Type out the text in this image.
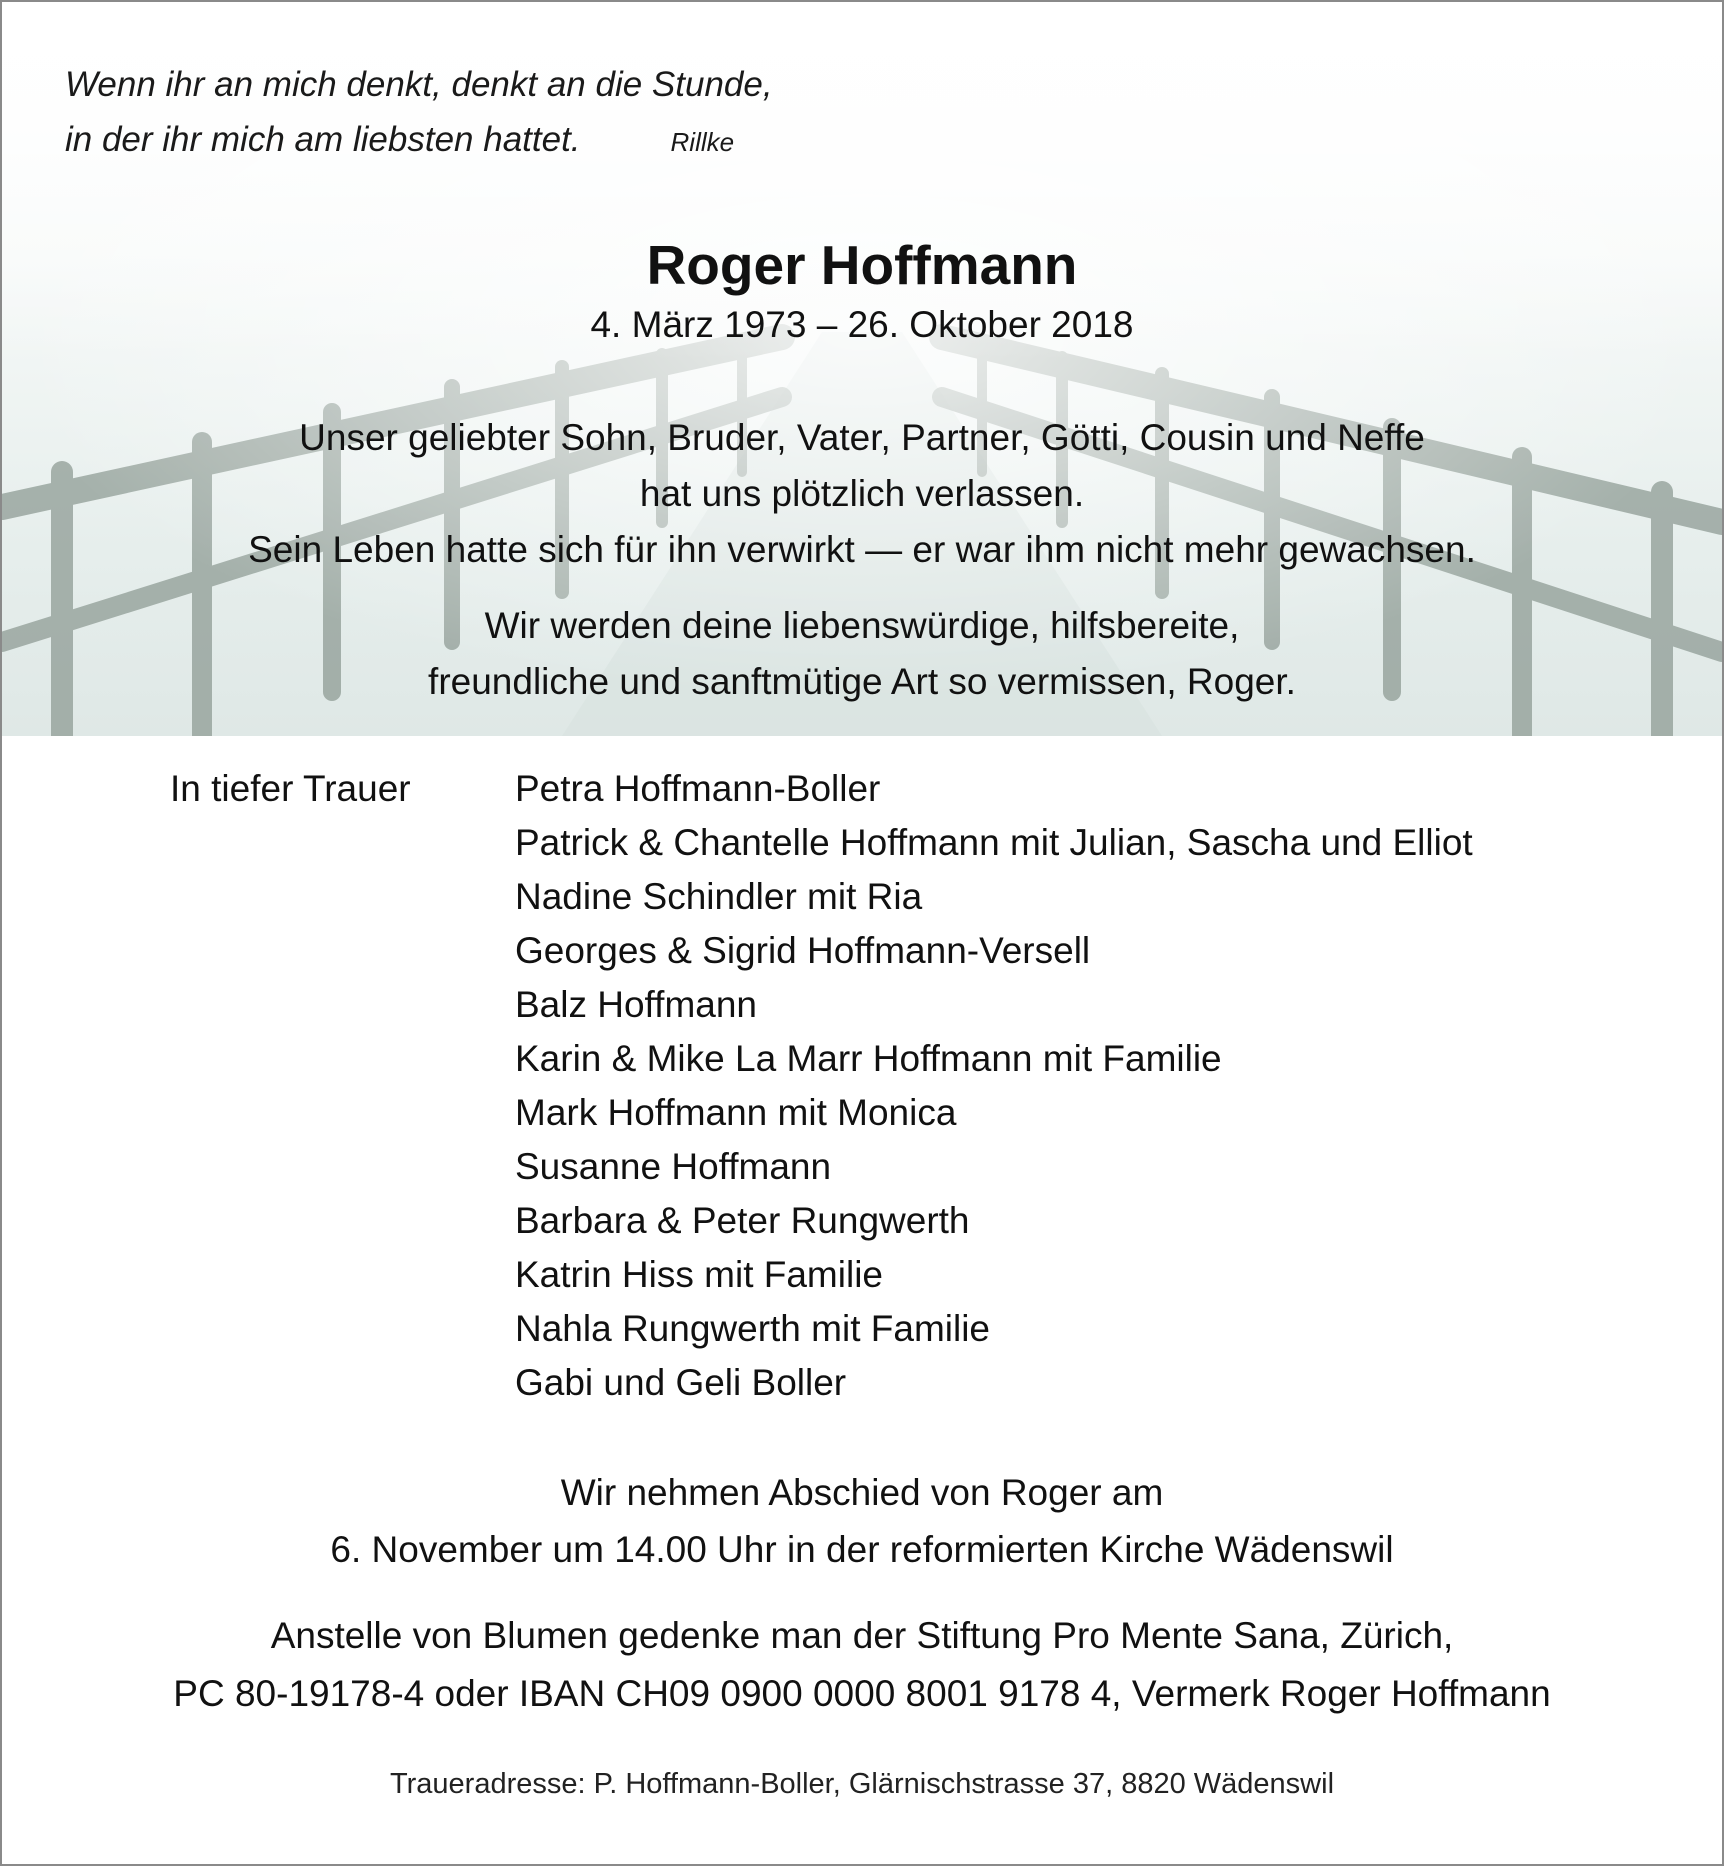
Wenn ihr an mich denkt, denkt an die Stunde,
in der ihr mich am liebsten hattet.	Rillke
Roger Hoffmann
4. März 1973 – 26. Oktober 2018
Unser geliebter Sohn, Bruder, Vater, Partner, Götti, Cousin und Neffe
hat uns plötzlich verlassen.
Sein Leben hatte sich für ihn verwirkt — er war ihm nicht mehr gewachsen.
Wir werden deine liebenswürdige, hilfsbereite,
freundliche und sanftmütige Art so vermissen, Roger.
In tiefer Trauer	Petra Hoffmann-Boller
Patrick & Chantelle Hoffmann mit Julian, Sascha und Elliot
Nadine Schindler mit Ria
Georges & Sigrid Hoffmann-Versell
Balz Hoffmann
Karin & Mike La Marr Hoffmann mit Familie
Mark Hoffmann mit Monica
Susanne Hoffmann
Barbara & Peter Rungwerth
Katrin Hiss mit Familie
Nahla Rungwerth mit Familie
Gabi und Geli Boller
Wir nehmen Abschied von Roger am
6. November um 14.00 Uhr in der reformierten Kirche Wädenswil
Anstelle von Blumen gedenke man der Stiftung Pro Mente Sana, Zürich,
PC 80-19178-4 oder IBAN CH09 0900 0000 8001 9178 4, Vermerk Roger Hoffmann
Traueradresse: P. Hoffmann-Boller, Glärnischstrasse 37, 8820 Wädenswil
